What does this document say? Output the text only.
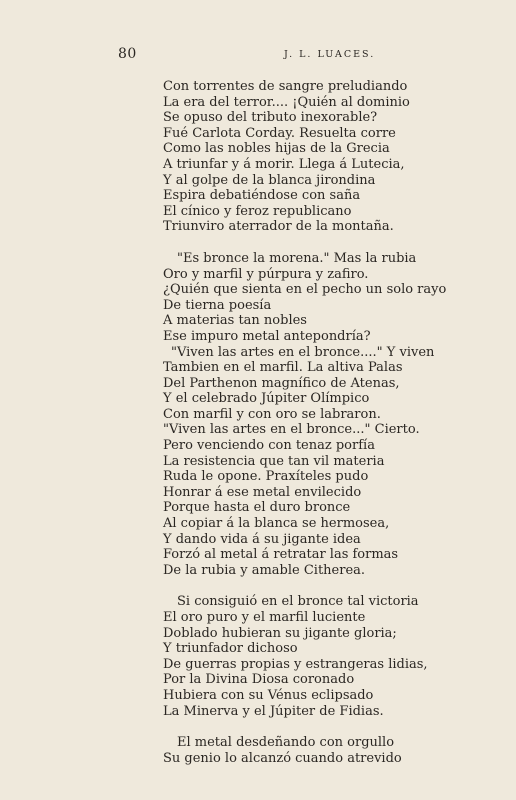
80	J. L. LUACES.
Con torrentes de sangre preludiando
La era del terror.... ¡Quién al dominio
Se opuso del tributo inexorable?
Fué Carlota Corday. Resuelta corre
Como las nobles hijas de la Grecia
A triunfar y á morir. Llega á Lutecia,
Y al golpe de la blanca jirondina
Espira debatiéndose con saña
El cínico y feroz republicano
Triunviro aterrador de la montaña.
"Es bronce la morena." Mas la rubia
Oro y marfil y púrpura y zafiro.
¿Quién que sienta en el pecho un solo rayo
De tierna poesía
A materias tan nobles
Ese impuro metal antepondría?
"Viven las artes en el bronce...." Y viven
Tambien en el marfil. La altiva Palas
Del Parthenon magnífico de Atenas,
Y el celebrado Júpiter Olímpico
Con marfil y con oro se labraron.
"Viven las artes en el bronce..." Cierto.
Pero venciendo con tenaz porfía
La resistencia que tan vil materia
Ruda le opone. Praxíteles pudo
Honrar á ese metal envilecido
Porque hasta el duro bronce
Al copiar á la blanca se hermosea,
Y dando vida á su jigante idea
Forzó al metal á retratar las formas
De la rubia y amable Citherea.
Si consiguió en el bronce tal victoria
El oro puro y el marfil luciente
Doblado hubieran su jigante gloria;
Y triunfador dichoso
De guerras propias y estrangeras lidias,
Por la Divina Diosa coronado
Hubiera con su Vénus eclipsado
La Minerva y el Júpiter de Fidias.
El metal desdeñando con orgullo
Su genio lo alcanzó cuando atrevido
